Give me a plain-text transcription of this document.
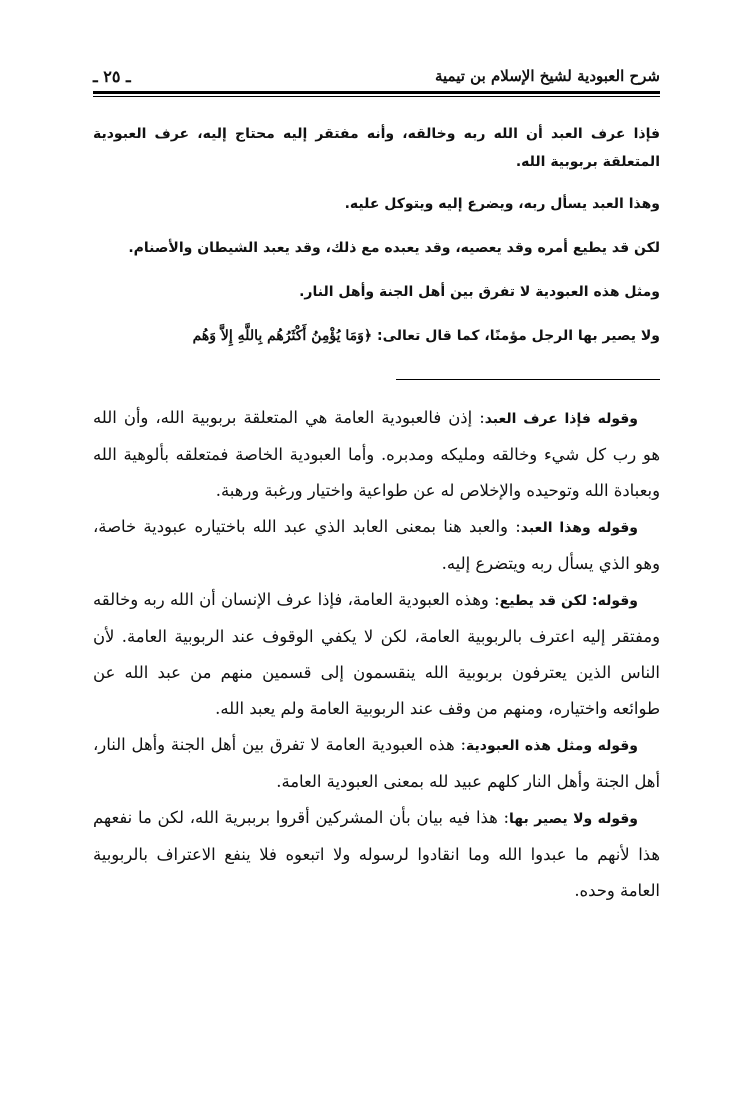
شرح العبودية لشيخ الإسلام بن تيمية
ـ ٢٥ ـ

فإذا عرف العبد أن الله ربه وخالقه، وأنه مفتقر إليه محتاج إليه، عرف العبودية المتعلقة بربوبية الله.

وهذا العبد يسأل ربه، ويضرع إليه ويتوكل عليه.

لكن قد يطيع أمره وقد يعصيه، وقد يعبده مع ذلك، وقد يعبد الشيطان والأصنام.

ومثل هذه العبودية لا تفرق بين أهل الجنة وأهل النار.

ولا يصير بها الرجل مؤمنًا، كما قال تعالى: ﴿وَمَا يُؤْمِنُ أَكْثَرُهُم بِاللَّهِ إِلاَّ وَهُم

وقوله فإذا عرف العبد: إذن فالعبودية العامة هي المتعلقة بربوبية الله، وأن الله هو رب كل شيء وخالقه ومليكه ومدبره. وأما العبودية الخاصة فمتعلقه بألوهية الله وبعبادة الله وتوحيده والإخلاص له عن طواعية واختيار ورغبة ورهبة.

وقوله وهذا العبد: والعبد هنا بمعنى العابد الذي عبد الله باختياره عبودية خاصة، وهو الذي يسأل ربه ويتضرع إليه.

وقوله: لكن قد يطيع: وهذه العبودية العامة، فإذا عرف الإنسان أن الله ربه وخالقه ومفتقر إليه اعترف بالربوبية العامة، لكن لا يكفي الوقوف عند الربوبية العامة. لأن الناس الذين يعترفون بربوبية الله ينقسمون إلى قسمين منهم من عبد الله عن طوائعه واختياره، ومنهم من وقف عند الربوبية العامة ولم يعبد الله.

وقوله ومثل هذه العبودية: هذه العبودية العامة لا تفرق بين أهل الجنة وأهل النار، أهل الجنة وأهل النار كلهم عبيد لله بمعنى العبودية العامة.

وقوله ولا يصير بها: هذا فيه بيان بأن المشركين أقروا برببرية الله، لكن ما نفعهم هذا لأنهم ما عبدوا الله وما انقادوا لرسوله ولا اتبعوه فلا ينفع الاعتراف بالربوبية العامة وحده.
